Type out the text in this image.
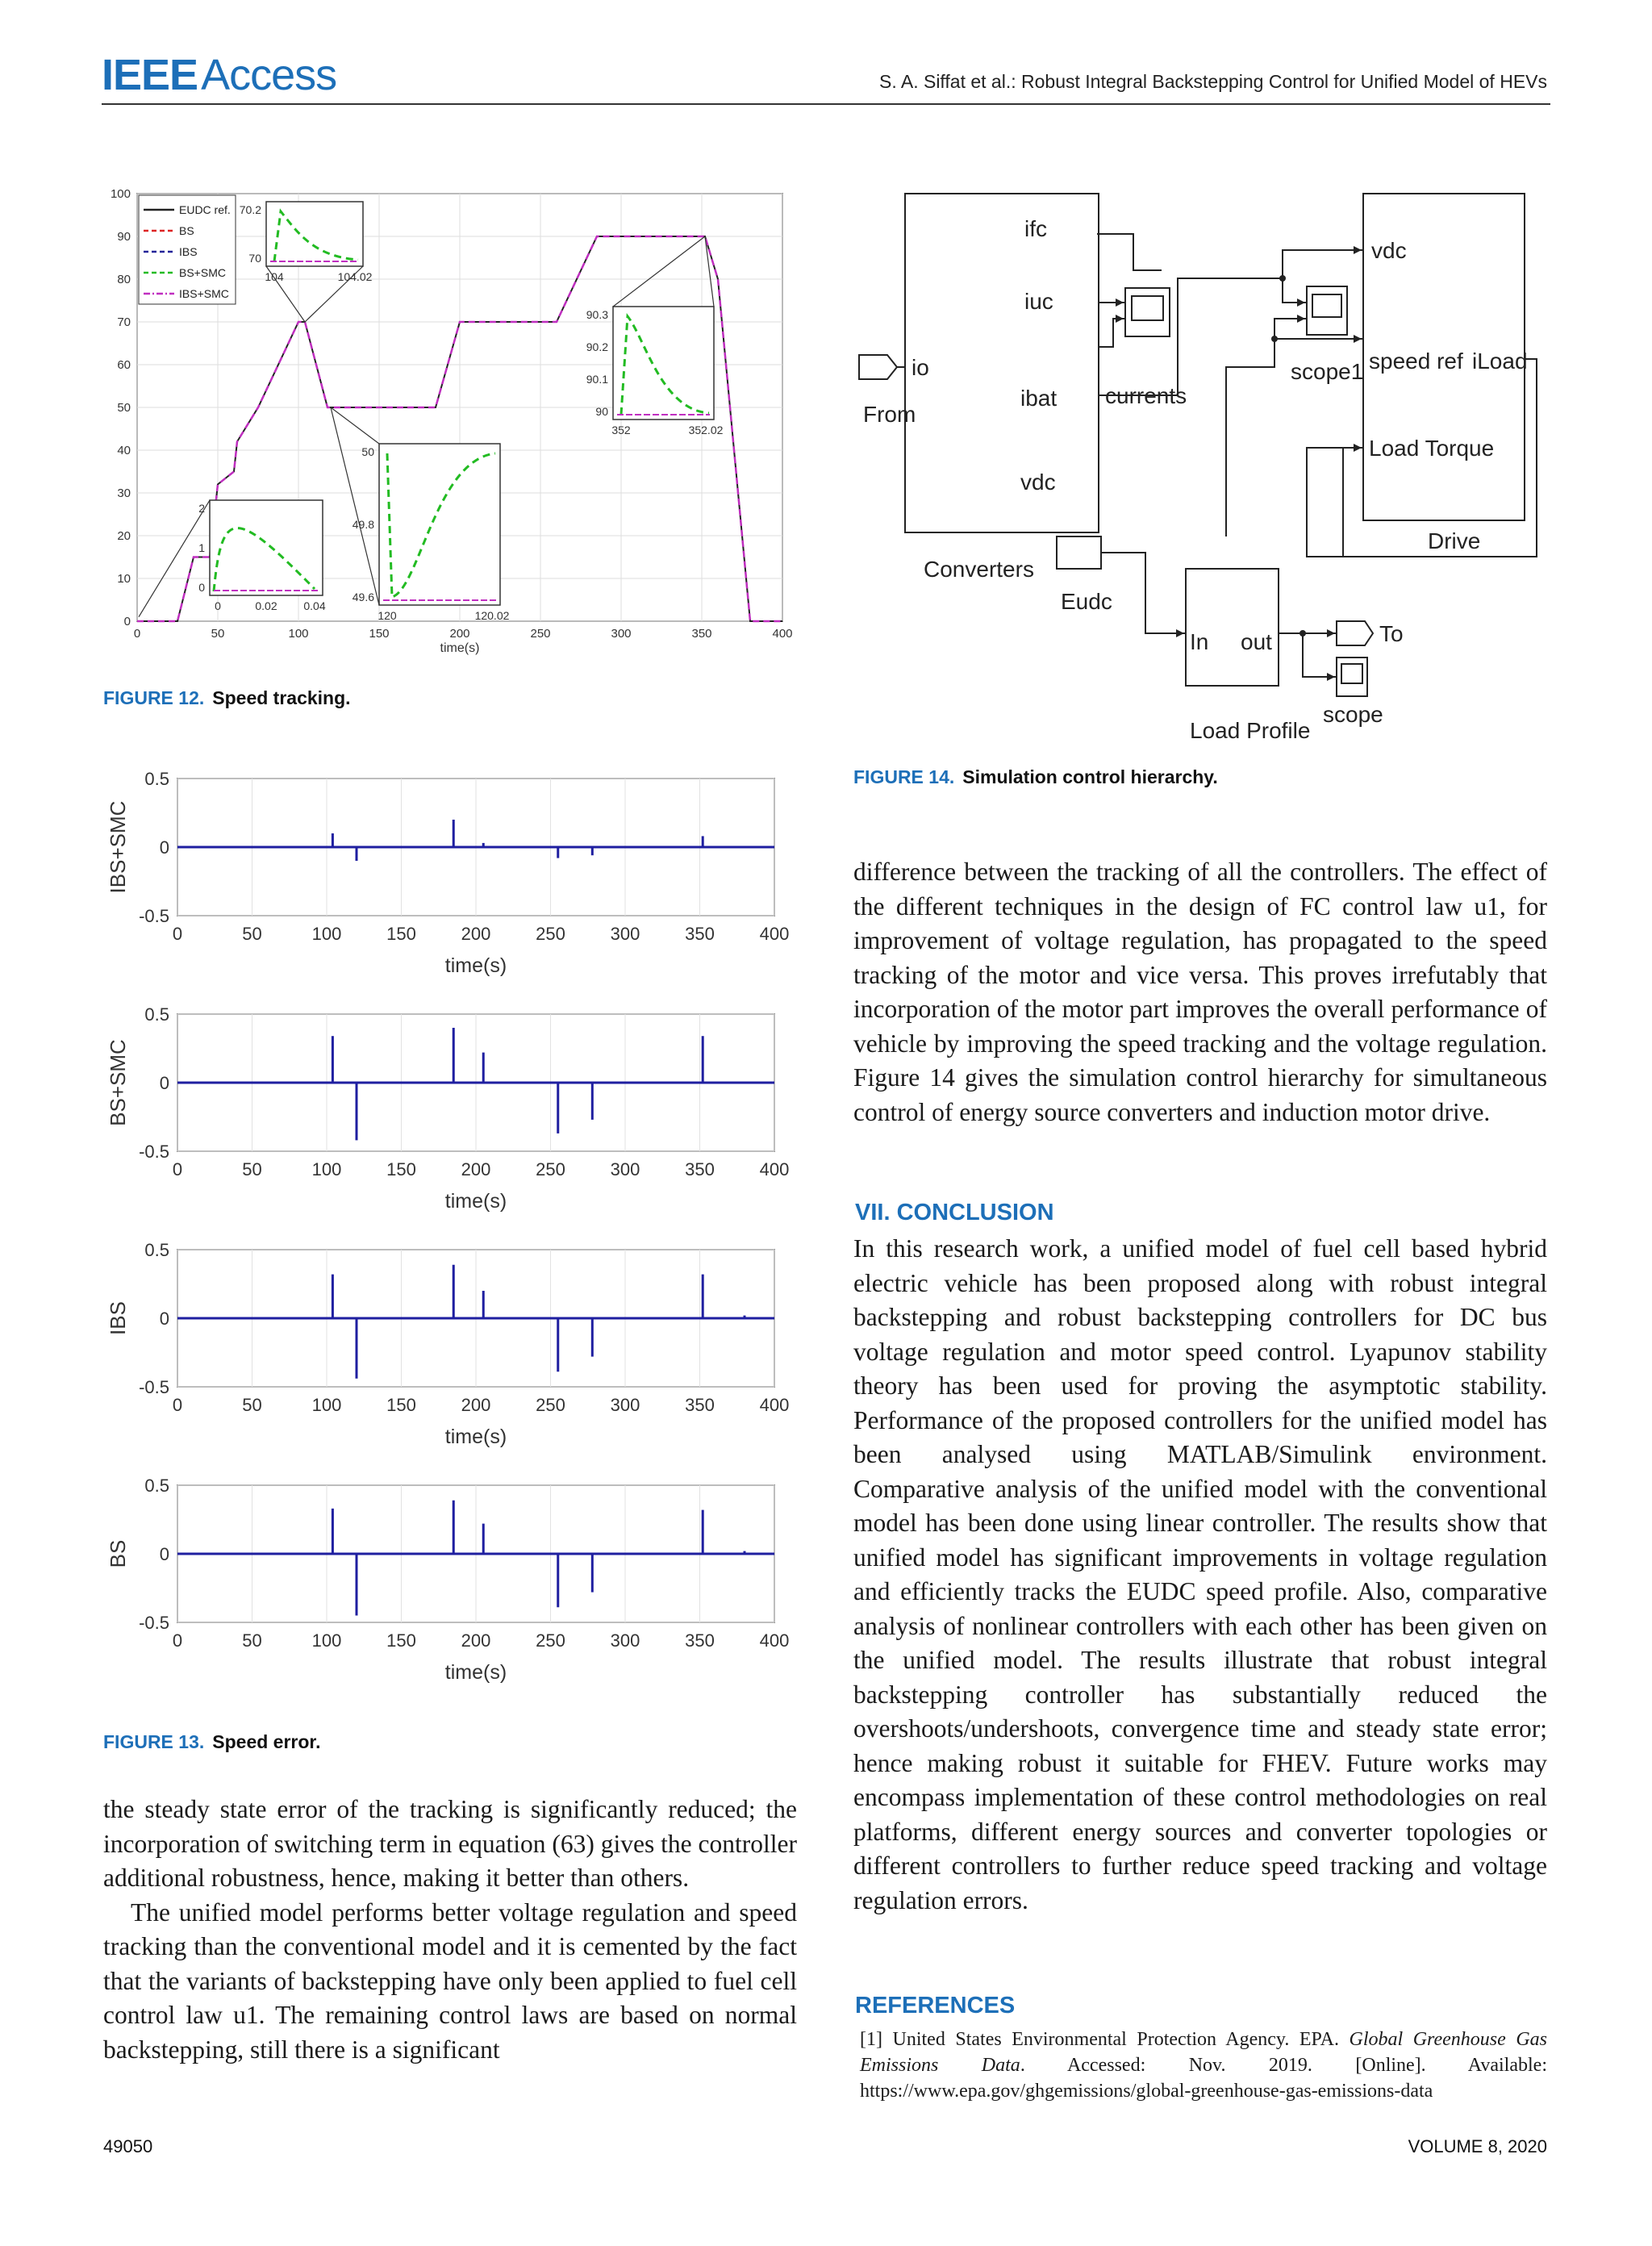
IEEEAccess	S. A. Siffat et al.: Robust Integral Backstepping Control for Unified Model of HEVs
0
10
20
30
40
50
60
70
80
90
100
0	50	100	150	200	250	300	350	400
time(s)
EUDC ref.
BS
IBS
BS+SMC
IBS+SMC
70.2
70
104	104.02
90.3
90.2
90.1
90
352	352.02
50
49.8
49.6
120	120.02
2
1
0
0	0.02 0.04
FIGURE 12. Speed tracking.
0	50	100	150	200	250	300	350	400
0.5
0
-0.5
time(s)
IBS+SMC
0	50	100	150	200	250	300	350	400
0.5
0
-0.5
time(s)
BS+SMC
0	50	100	150	200	250	300	350	400
0.5
0
-0.5
time(s)
IBS
0	50	100	150	200	250	300	350	400
0.5
0
-0.5
time(s)
BS
FIGURE 13. Speed error.
ifc
iuc
ibat
vdc
io
From
currents
Converters
vdc
speed ref iLoad
Load Torque
Drive
scope1
Eudc
In out
Load Profile
To
scope
FIGURE 14. Simulation control hierarchy.

difference between the tracking of all the controllers. The effect of the different techniques in the design of FC control law u1, for improvement of voltage regulation, has propagated to the speed tracking of the motor and vice versa. This proves irrefutably that incorporation of the motor part improves the overall performance of vehicle by improving the speed tracking and the voltage regulation. Figure 14 gives the simulation control hierarchy for simultaneous control of energy source converters and induction motor drive.

VII. CONCLUSION

In this research work, a unified model of fuel cell based hybrid electric vehicle has been proposed along with robust integral backstepping and robust backstepping controllers for DC bus voltage regulation and motor speed control. Lyapunov stability theory has been used for proving the asymptotic stability. Performance of the proposed controllers for the unified model has been analysed using MATLAB/Simulink environment. Comparative analysis of the unified model with the conventional model has been done using linear controller. The results show that unified model has significant improvements in voltage regulation and efficiently tracks the EUDC speed profile. Also, comparative analysis of nonlinear controllers with each other has been given on the unified model. The results illustrate that robust integral backstepping controller has substantially reduced the overshoots/undershoots, convergence time and steady state error; hence making robust it suitable for FHEV. Future works may encompass implementation of these control methodologies on real platforms, different energy sources and converter topologies or different controllers to further reduce speed tracking and voltage regulation errors.

REFERENCES
[1] United States Environmental Protection Agency. EPA. Global Greenhouse Gas Emissions Data. Accessed: Nov. 2019. [Online]. Available: https://www.epa.gov/ghgemissions/global-greenhouse-gas-emissions-data

the steady state error of the tracking is significantly reduced; the incorporation of switching term in equation (63) gives the controller additional robustness, hence, making it better than others.

The unified model performs better voltage regulation and speed tracking than the conventional model and it is cemented by the fact that the variants of backstepping have only been applied to fuel cell control law u1. The remaining control laws are based on normal backstepping, still there is a significant

49050	VOLUME 8, 2020
